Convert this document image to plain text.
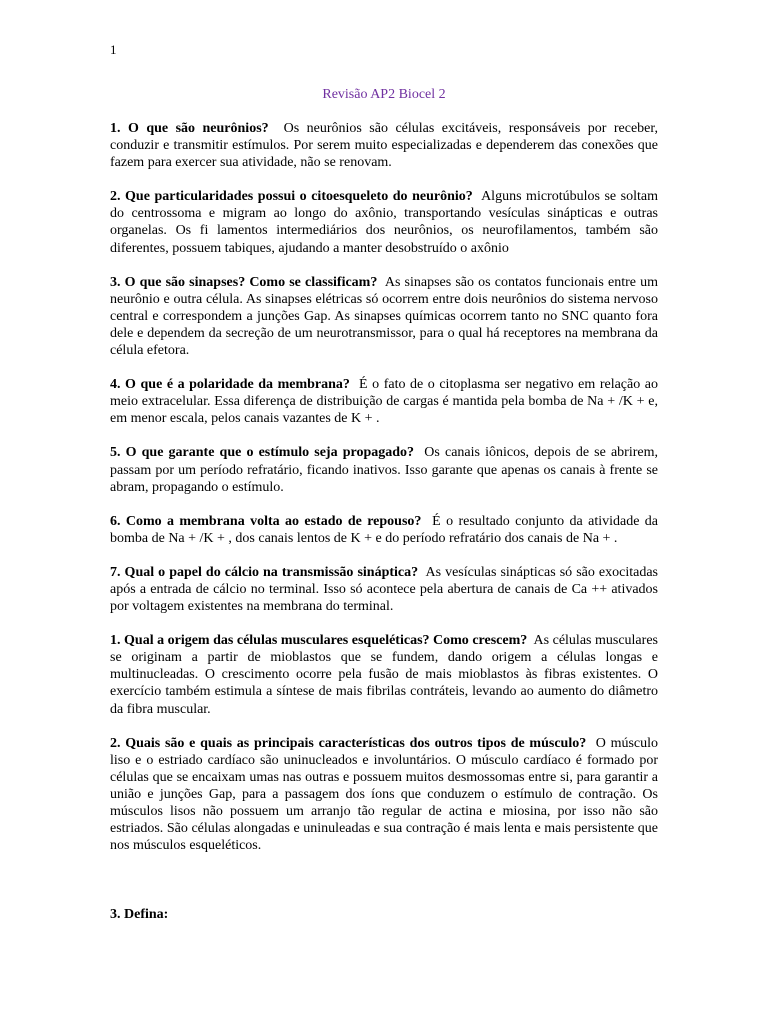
1
Revisão AP2 Biocel 2

1. O que são neurônios? Os neurônios são células excitáveis, responsáveis por receber, conduzir e transmitir estímulos. Por serem muito especializadas e dependerem das conexões que fazem para exercer sua atividade, não se renovam.

2. Que particularidades possui o citoesqueleto do neurônio? Alguns microtúbulos se soltam do centrossoma e migram ao longo do axônio, transportando vesículas sinápticas e outras organelas. Os fi lamentos intermediários dos neurônios, os neurofilamentos, também são diferentes, possuem tabiques, ajudando a manter desobstruído o axônio

3. O que são sinapses? Como se classificam? As sinapses são os contatos funcionais entre um neurônio e outra célula. As sinapses elétricas só ocorrem entre dois neurônios do sistema nervoso central e correspondem a junções Gap. As sinapses químicas ocorrem tanto no SNC quanto fora dele e dependem da secreção de um neurotransmissor, para o qual há receptores na membrana da célula efetora.

4. O que é a polaridade da membrana? É o fato de o citoplasma ser negativo em relação ao meio extracelular. Essa diferença de distribuição de cargas é mantida pela bomba de Na + /K + e, em menor escala, pelos canais vazantes de K + .

5. O que garante que o estímulo seja propagado? Os canais iônicos, depois de se abrirem, passam por um período refratário, ficando inativos. Isso garante que apenas os canais à frente se abram, propagando o estímulo.

6. Como a membrana volta ao estado de repouso? É o resultado conjunto da atividade da bomba de Na + /K + , dos canais lentos de K + e do período refratário dos canais de Na + .

7. Qual o papel do cálcio na transmissão sináptica? As vesículas sinápticas só são exocitadas após a entrada de cálcio no terminal. Isso só acontece pela abertura de canais de Ca ++ ativados por voltagem existentes na membrana do terminal.

1. Qual a origem das células musculares esqueléticas? Como crescem? As células musculares se originam a partir de mioblastos que se fundem, dando origem a células longas e multinucleadas. O crescimento ocorre pela fusão de mais mioblastos às fibras existentes. O exercício também estimula a síntese de mais fibrilas contráteis, levando ao aumento do diâmetro da fibra muscular.

2. Quais são e quais as principais características dos outros tipos de músculo? O músculo liso e o estriado cardíaco são uninucleados e involuntários. O músculo cardíaco é formado por células que se encaixam umas nas outras e possuem muitos desmossomas entre si, para garantir a união e junções Gap, para a passagem dos íons que conduzem o estímulo de contração. Os músculos lisos não possuem um arranjo tão regular de actina e miosina, por isso não são estriados. São células alongadas e uninuleadas e sua contração é mais lenta e mais persistente que nos músculos esqueléticos.

3. Defina:
